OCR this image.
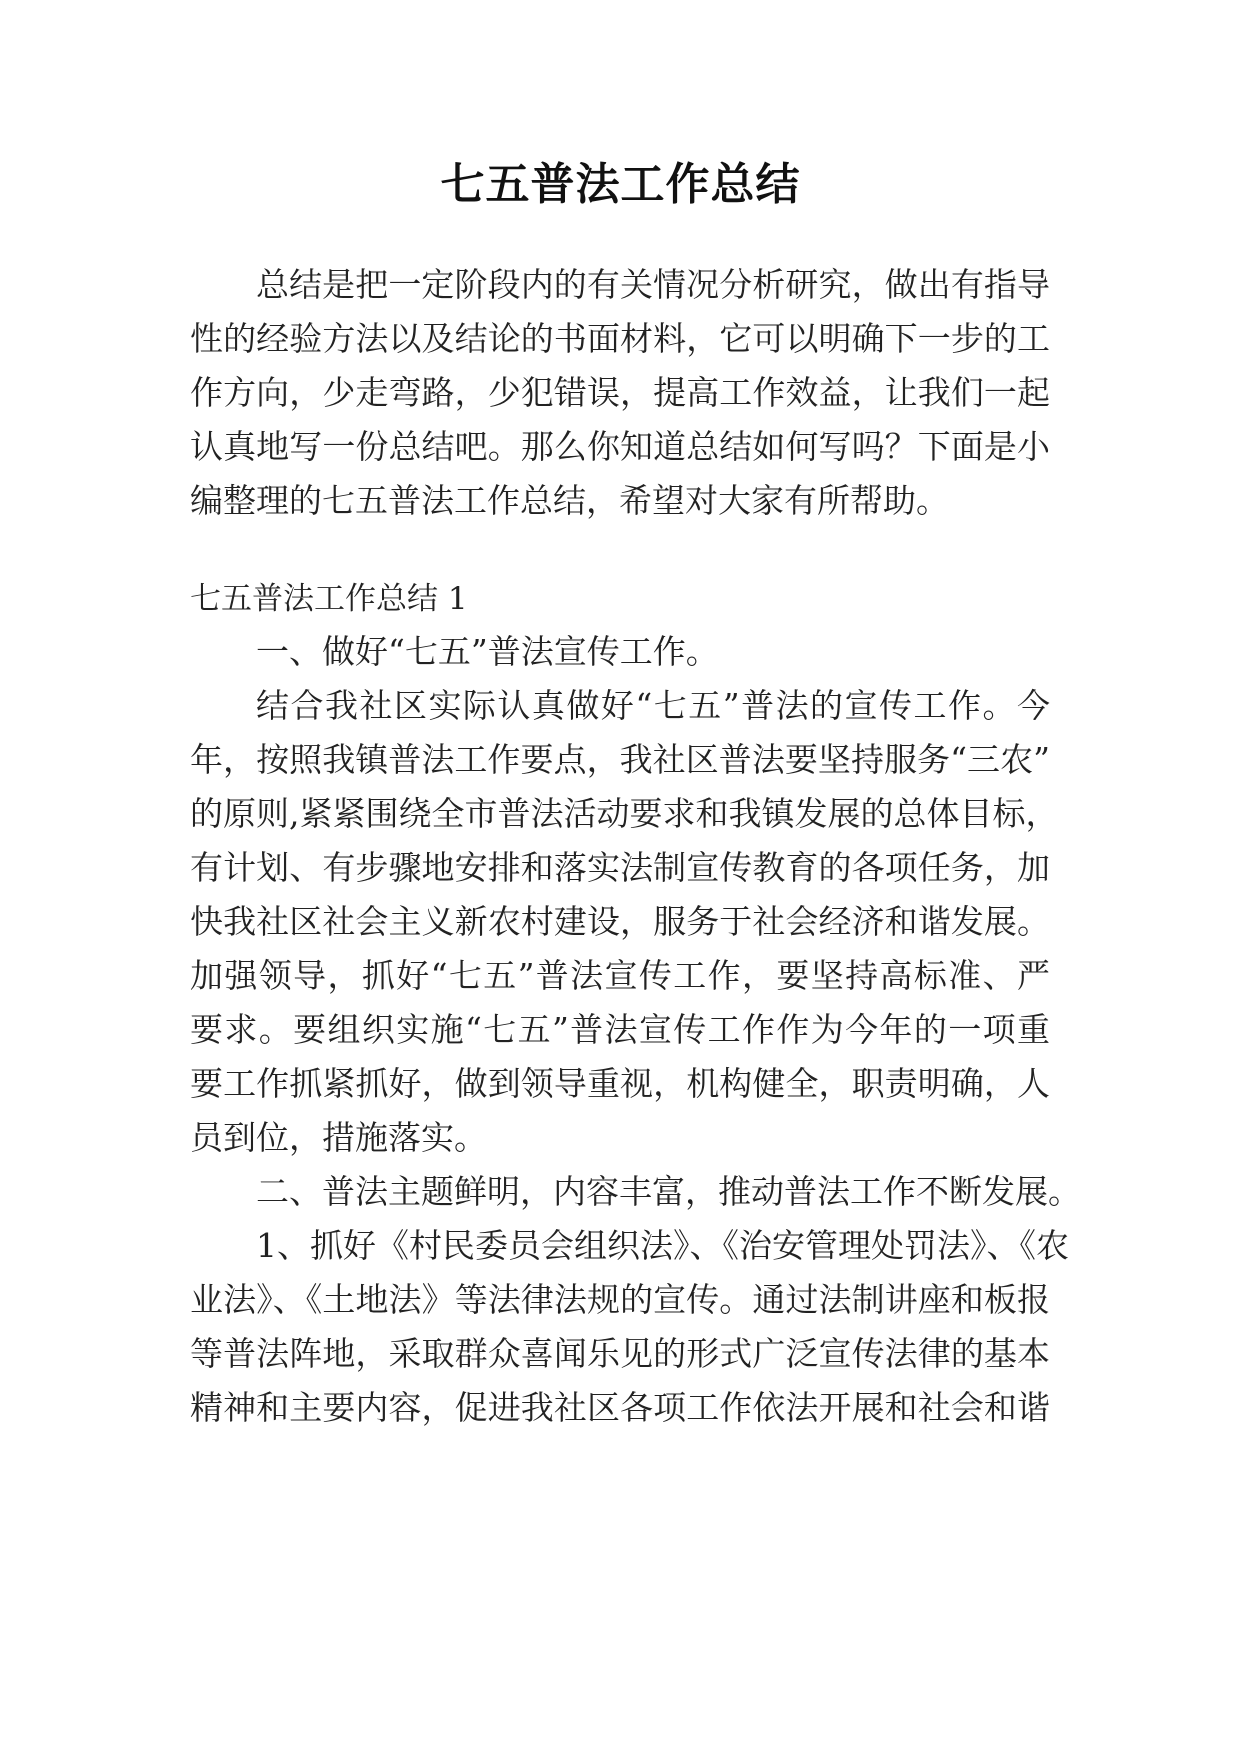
七五普法工作总结
总结是把一定阶段内的有关情况分析研究，做出有指导
性的经验方法以及结论的书面材料，它可以明确下一步的工
作方向，少走弯路，少犯错误，提高工作效益，让我们一起
认真地写一份总结吧。那么你知道总结如何写吗？下面是小
编整理的七五普法工作总结，希望对大家有所帮助。
七五普法工作总结 1
一、做好“七五”普法宣传工作。
结合我社区实际认真做好“七五”普法的宣传工作。今
年，按照我镇普法工作要点，我社区普法要坚持服务“三农”
的原则,紧紧围绕全市普法活动要求和我镇发展的总体目标，
有计划、有步骤地安排和落实法制宣传教育的各项任务，加
快我社区社会主义新农村建设，服务于社会经济和谐发展。
加强领导，抓好“七五”普法宣传工作，要坚持高标准、严
要求。要组织实施“七五”普法宣传工作作为今年的一项重
要工作抓紧抓好，做到领导重视，机构健全，职责明确，人
员到位，措施落实。
二、普法主题鲜明，内容丰富，推动普法工作不断发展。
1、抓好《村民委员会组织法》、《治安管理处罚法》、《农
业法》、《土地法》等法律法规的宣传。通过法制讲座和板报
等普法阵地，采取群众喜闻乐见的形式广泛宣传法律的基本
精神和主要内容，促进我社区各项工作依法开展和社会和谐
